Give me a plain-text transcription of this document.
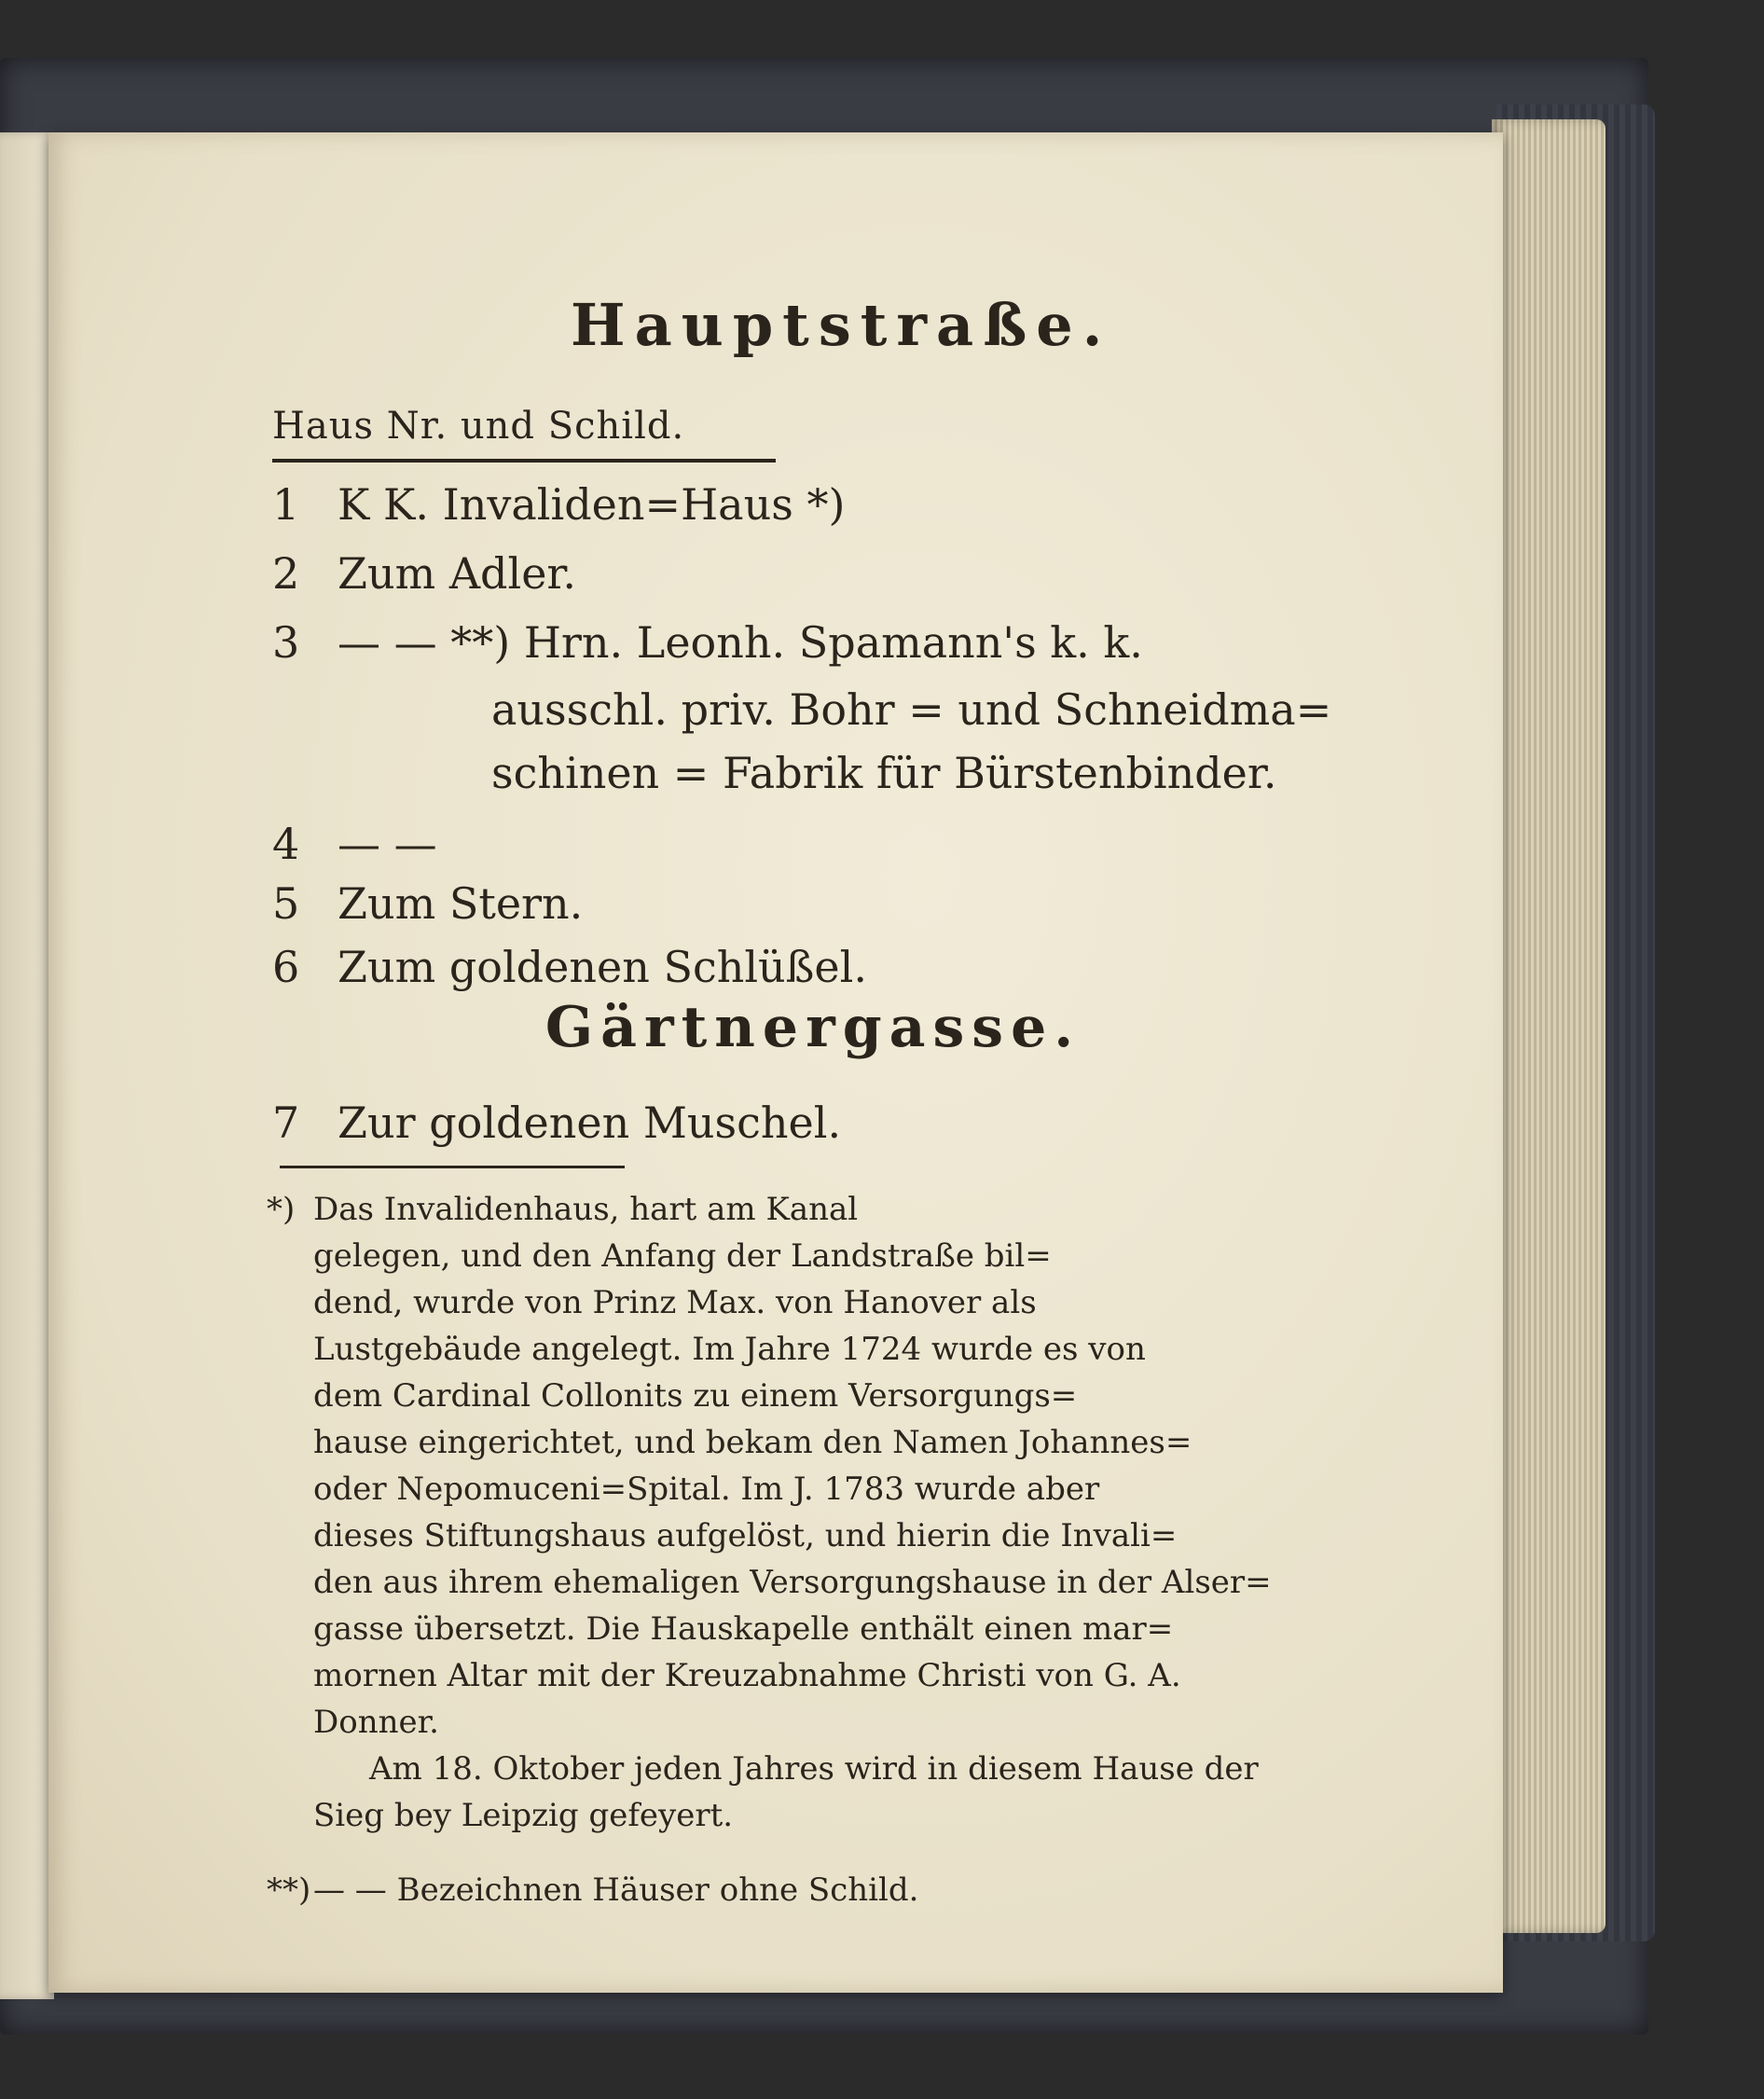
Hauptstraße.
Haus Nr. und Schild.
1 K K. Invaliden=Haus *)
2 Zum Adler.
3 — — **) Hrn. Leonh. Spamann's k. k.
ausschl. priv. Bohr = und Schneidma=
schinen = Fabrik für Bürstenbinder.
4 — —
5 Zum Stern.
6 Zum goldenen Schlüßel.
Gärtnergasse.
7 Zur goldenen Muschel.

*) Das Invalidenhaus, hart am Kanal

gelegen, und den Anfang der Landstraße bil=

dend, wurde von Prinz Max. von Hanover als

Lustgebäude angelegt. Im Jahre 1724 wurde es von

dem Cardinal Collonits zu einem Versorgungs=

hause eingerichtet, und bekam den Namen Johannes=

oder Nepomuceni=Spital. Im J. 1783 wurde aber

dieses Stiftungshaus aufgelöst, und hierin die Invali=

den aus ihrem ehemaligen Versorgungshause in der Alser=

gasse übersetzt. Die Hauskapelle enthält einen mar=

mornen Altar mit der Kreuzabnahme Christi von G. A.

Donner.

Am 18. Oktober jeden Jahres wird in diesem Hause der

Sieg bey Leipzig gefeyert.

**)— — Bezeichnen Häuser ohne Schild.
